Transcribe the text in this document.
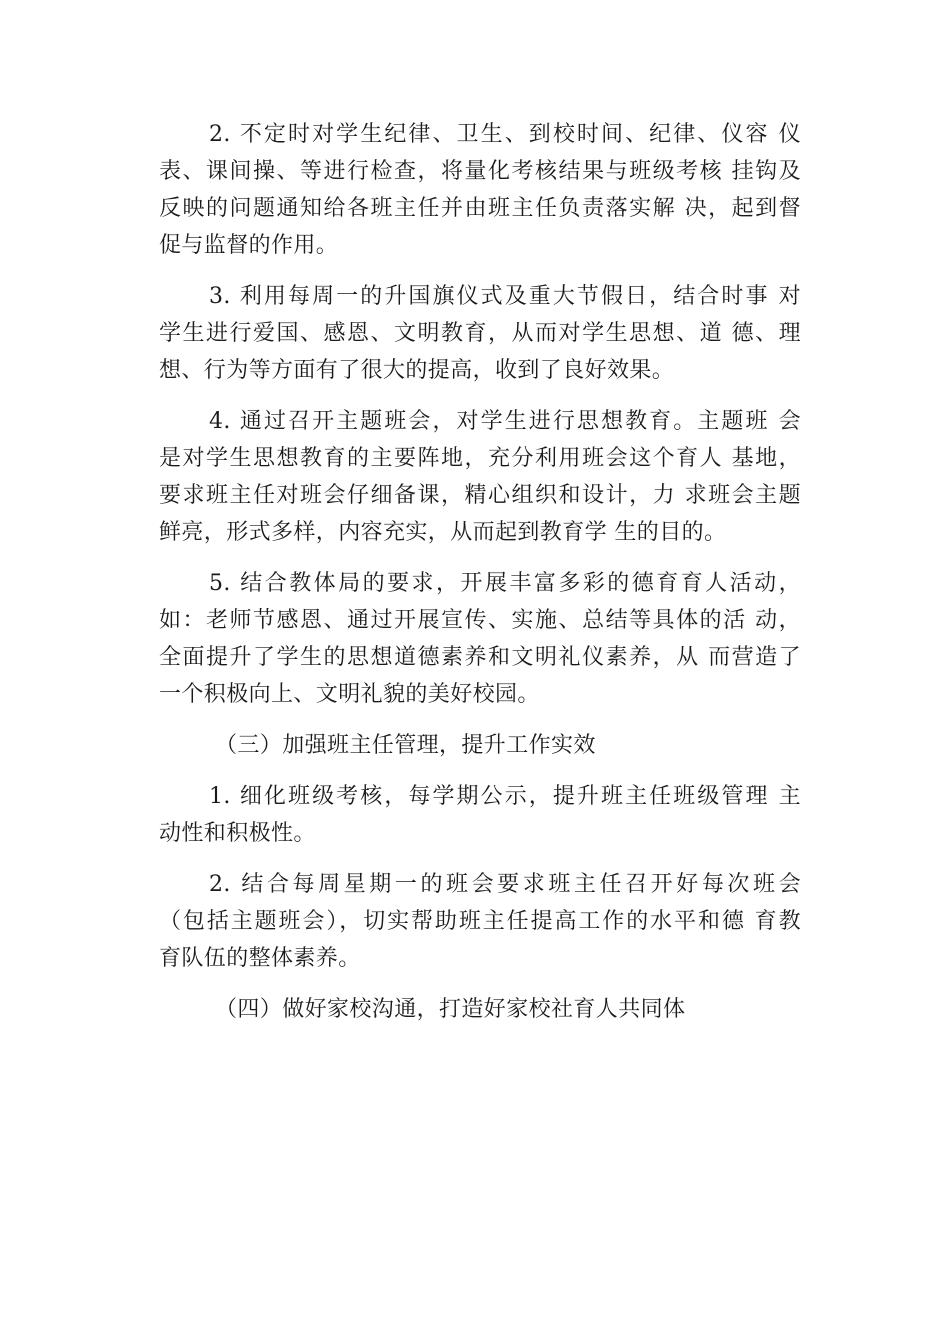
2. 不定时对学生纪律、卫生、到校时间、纪律、仪容 仪
表、课间操、等进行检查，将量化考核结果与班级考核 挂钩及
反映的问题通知给各班主任并由班主任负责落实解 决，起到督
促与监督的作用。

3. 利用每周一的升国旗仪式及重大节假日，结合时事 对
学生进行爱国、感恩、文明教育，从而对学生思想、道 德、理
想、行为等方面有了很大的提高，收到了良好效果。

4. 通过召开主题班会，对学生进行思想教育。主题班 会
是对学生思想教育的主要阵地，充分利用班会这个育人 基地，
要求班主任对班会仔细备课，精心组织和设计，力 求班会主题
鲜亮，形式多样，内容充实，从而起到教育学 生的目的。

5. 结合教体局的要求，开展丰富多彩的德育育人活动，
如：老师节感恩、通过开展宣传、实施、总结等具体的活 动，
全面提升了学生的思想道德素养和文明礼仪素养，从 而营造了
一个积极向上、文明礼貌的美好校园。

（三）加强班主任管理，提升工作实效

1. 细化班级考核，每学期公示，提升班主任班级管理 主
动性和积极性。

2. 结合每周星期一的班会要求班主任召开好每次班会
（包括主题班会），切实帮助班主任提高工作的水平和德 育教
育队伍的整体素养。

（四）做好家校沟通，打造好家校社育人共同体
